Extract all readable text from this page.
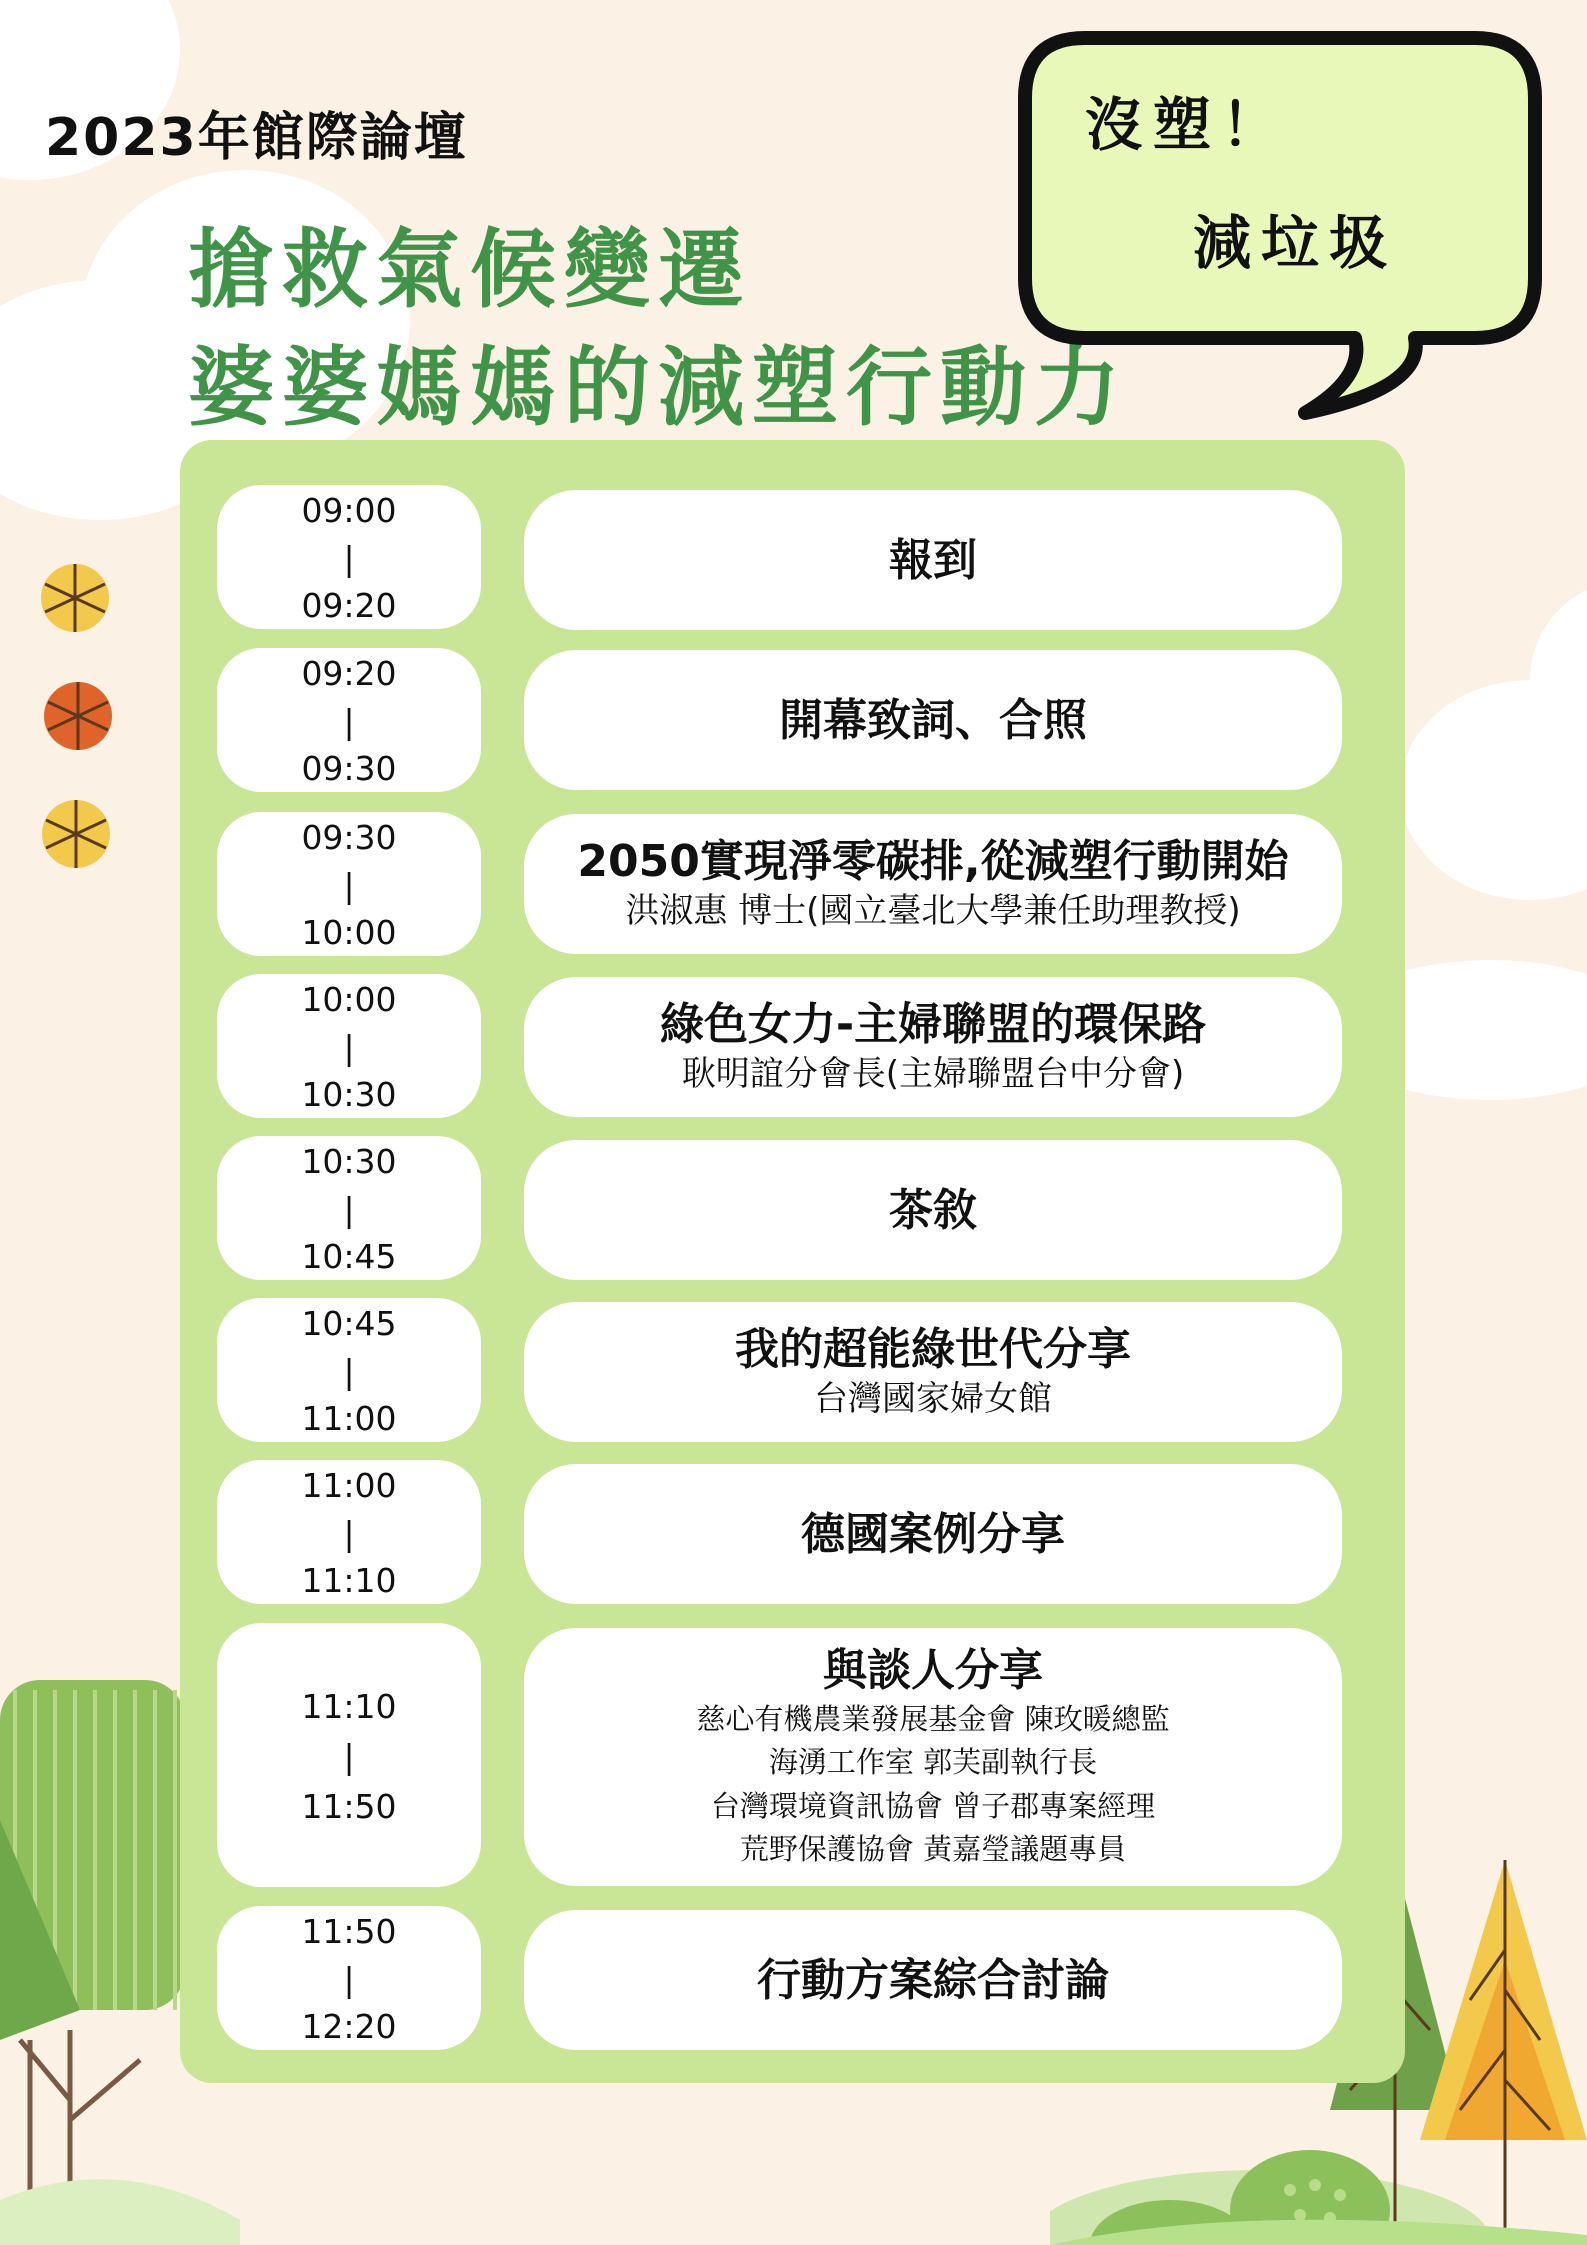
2023年館際論壇
搶救氣候變遷
婆婆媽媽的減塑行動力
沒塑！
減垃圾
09:00
|
09:20
報到
09:20
|
09:30
開幕致詞、合照
09:30
|
10:00
2050實現淨零碳排,從減塑行動開始
洪淑惠 博士(國立臺北大學兼任助理教授)
10:00
|
10:30
綠色女力-主婦聯盟的環保路
耿明誼分會長(主婦聯盟台中分會)
10:30
|
10:45
茶敘
10:45
|
11:00
我的超能綠世代分享
台灣國家婦女館
11:00
|
11:10
德國案例分享
11:10
|
11:50
與談人分享
慈心有機農業發展基金會 陳玫暖總監
海湧工作室 郭芙副執行長
台灣環境資訊協會 曾子郡專案經理
荒野保護協會 黃嘉瑩議題專員
11:50
|
12:20
行動方案綜合討論
